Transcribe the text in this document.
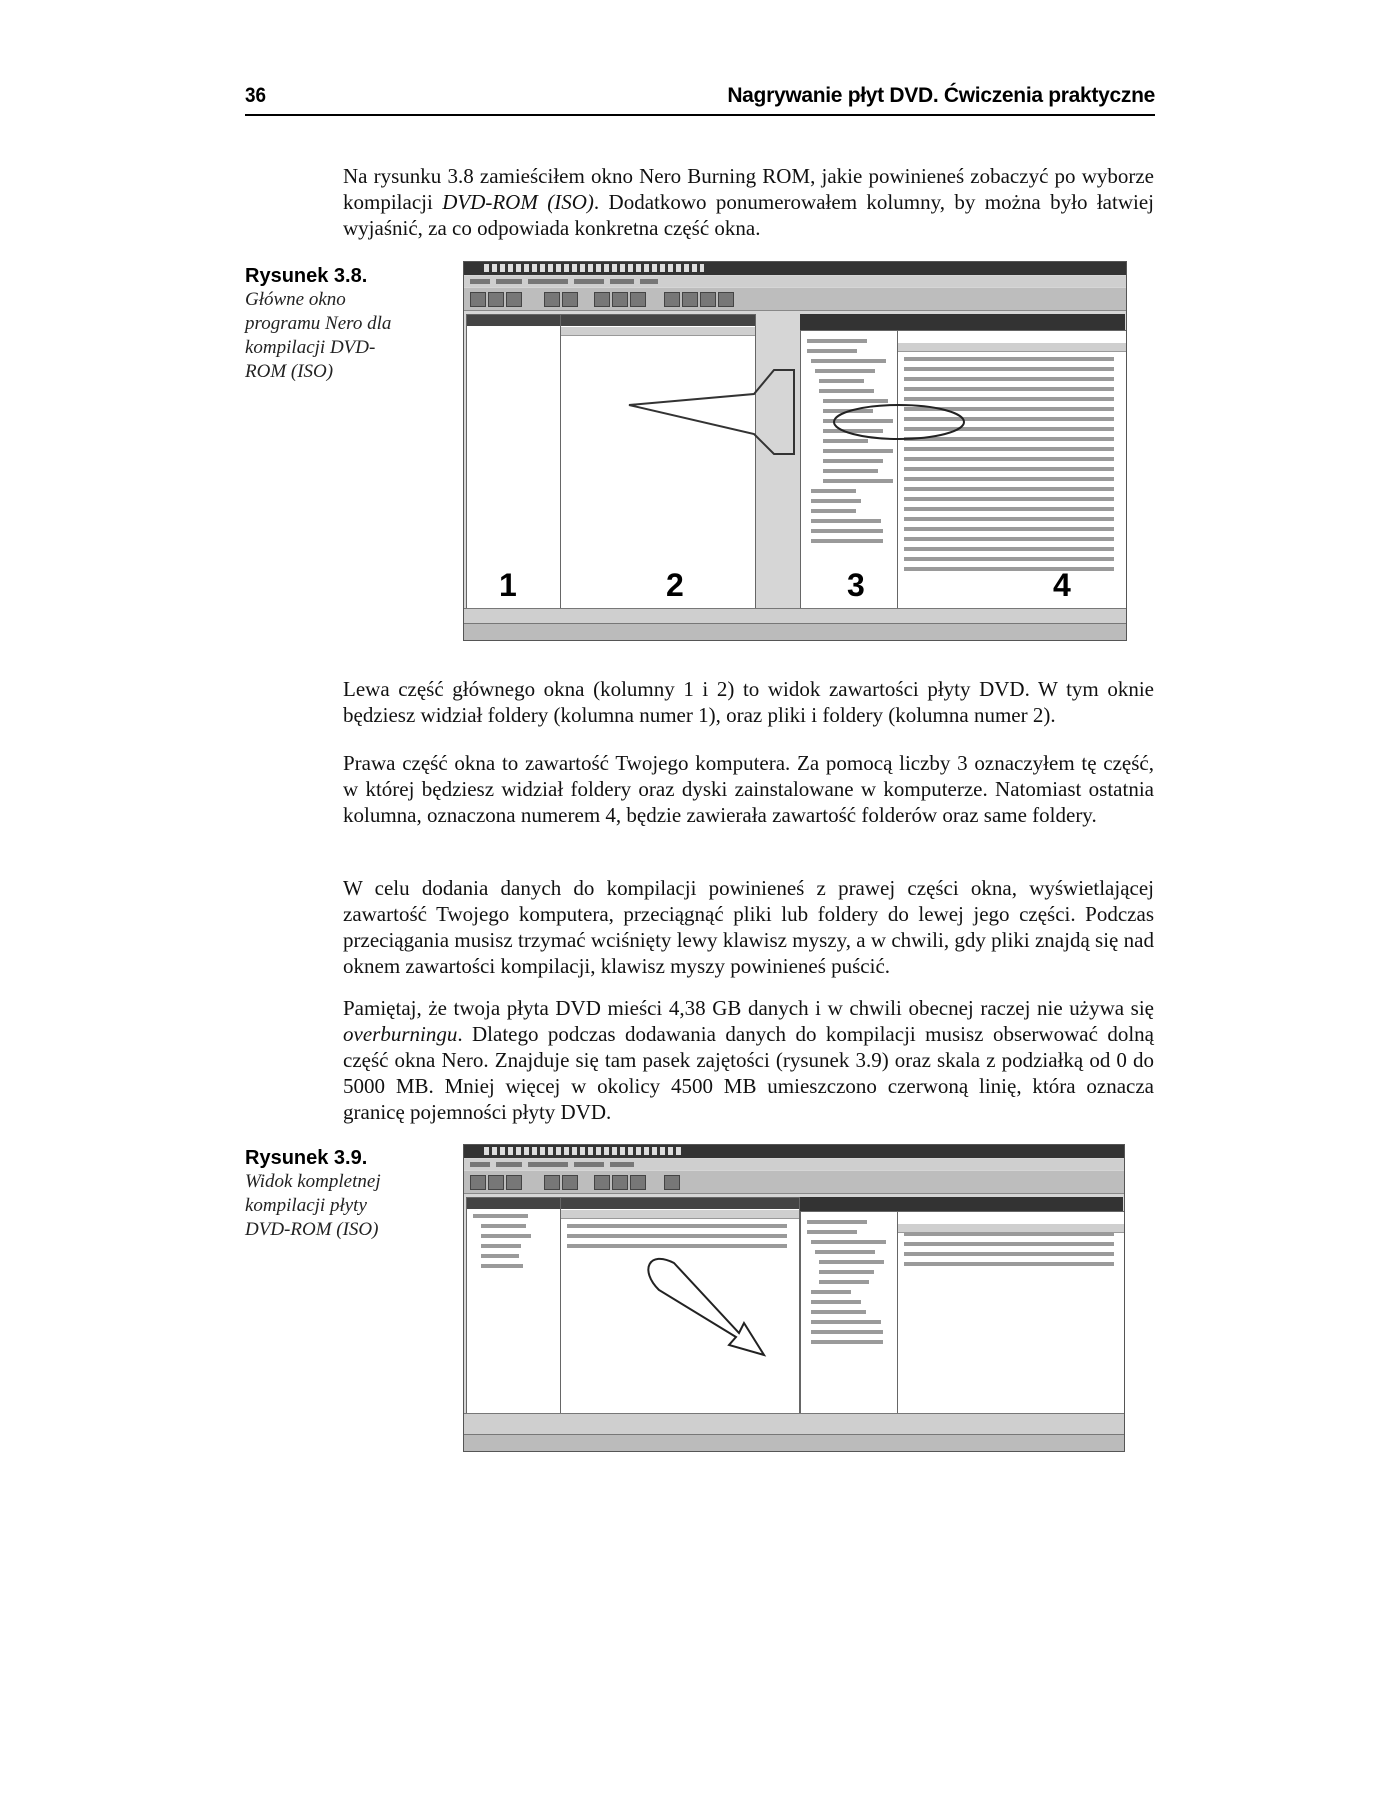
36	Nagrywanie płyt DVD. Ćwiczenia praktyczne

Na rysunku 3.8 zamieściłem okno Nero Burning ROM, jakie powinieneś zobaczyć po wyborze kompilacji DVD-ROM (ISO). Dodatkowo ponumerowałem kolumny, by można było łatwiej wyjaśnić, za co odpowiada konkretna część okna.

Rysunek 3.8.
Główne okno programu Nero dla kompilacji DVD-ROM (ISO)
1	2	3	4

Lewa część głównego okna (kolumny 1 i 2) to widok zawartości płyty DVD. W tym oknie będziesz widział foldery (kolumna numer 1), oraz pliki i foldery (kolumna numer 2).

Prawa część okna to zawartość Twojego komputera. Za pomocą liczby 3 oznaczyłem tę część, w której będziesz widział foldery oraz dyski zainstalowane w komputerze. Natomiast ostatnia kolumna, oznaczona numerem 4, będzie zawierała zawartość folderów oraz same foldery.

W celu dodania danych do kompilacji powinieneś z prawej części okna, wyświetlającej zawartość Twojego komputera, przeciągnąć pliki lub foldery do lewej jego części. Podczas przeciągania musisz trzymać wciśnięty lewy klawisz myszy, a w chwili, gdy pliki znajdą się nad oknem zawartości kompilacji, klawisz myszy powinieneś puścić.

Pamiętaj, że twoja płyta DVD mieści 4,38 GB danych i w chwili obecnej raczej nie używa się overburningu. Dlatego podczas dodawania danych do kompilacji musisz obserwować dolną część okna Nero. Znajduje się tam pasek zajętości (rysunek 3.9) oraz skala z podziałką od 0 do 5000 MB. Mniej więcej w okolicy 4500 MB umieszczono czerwoną linię, która oznacza granicę pojemności płyty DVD.

Rysunek 3.9.
Widok kompletnej kompilacji płyty DVD-ROM (ISO)
